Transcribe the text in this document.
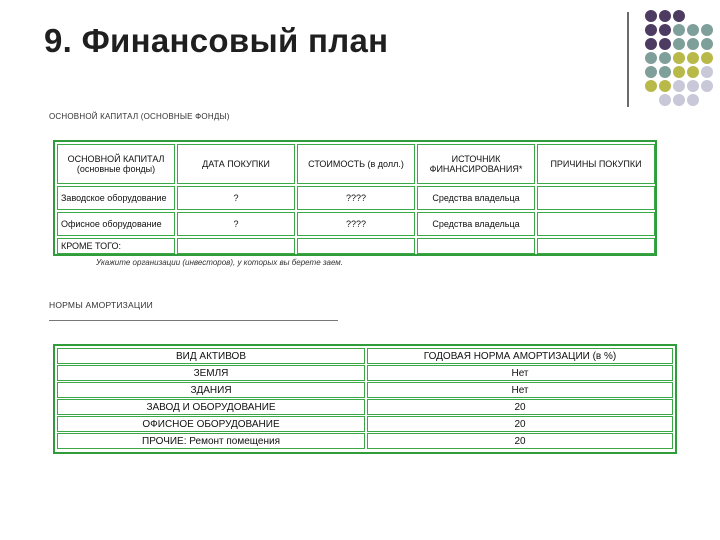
9. Финансовый план
ОСНОВНОЙ КАПИТАЛ (ОСНОВНЫЕ ФОНДЫ)
ОСНОВНОЙ КАПИТАЛ (основные фонды)	ДАТА ПОКУПКИ	СТОИМОСТЬ (в долл.)	ИСТОЧНИК ФИНАНСИРОВАНИЯ*	ПРИЧИНЫ ПОКУПКИ
Заводское оборудование	?	????	Средства владельца
Офисное оборудование	?	????	Средства владельца
КРОМЕ ТОГО:
Укажите организации (инвесторов), у которых вы берете заем.
НОРМЫ АМОРТИЗАЦИИ
ВИД АКТИВОВ	ГОДОВАЯ НОРМА АМОРТИЗАЦИИ (в %)
ЗЕМЛЯ	Нет
ЗДАНИЯ	Нет
ЗАВОД И ОБОРУДОВАНИЕ	20
ОФИСНОЕ ОБОРУДОВАНИЕ	20
ПРОЧИЕ: Ремонт помещения	20
